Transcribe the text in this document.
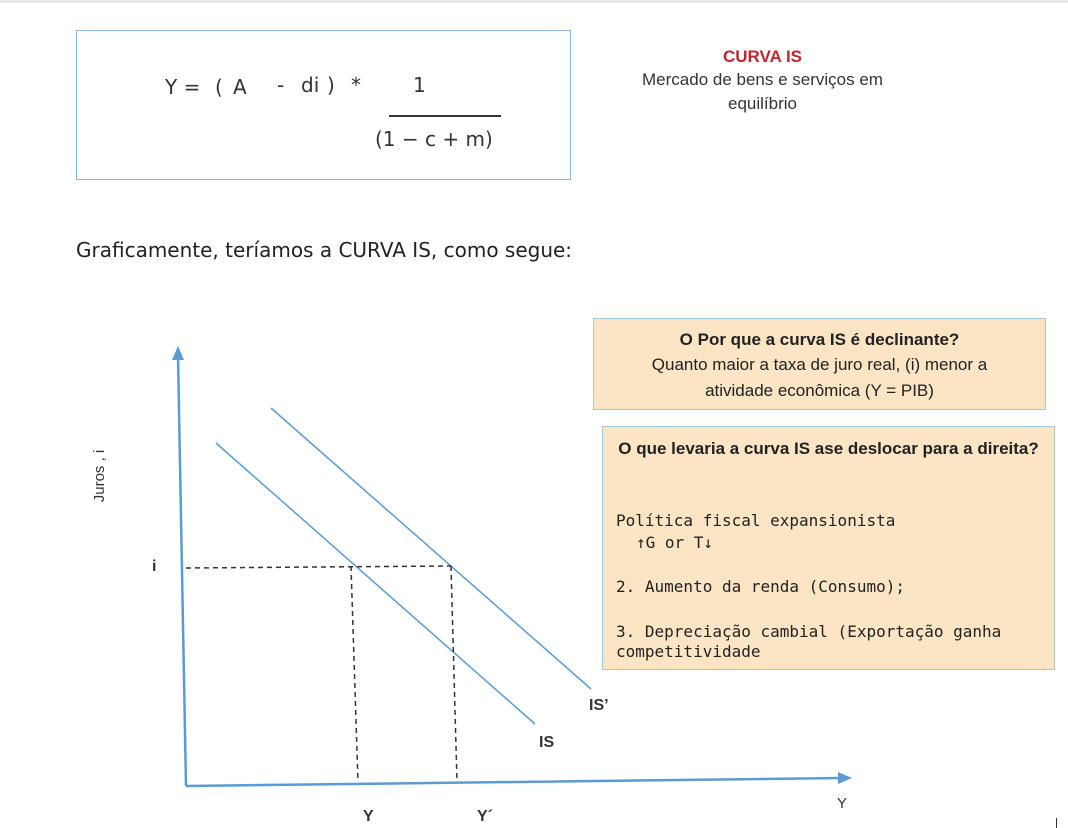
Y = ( A - di ) *	1
(1 − c + m)
CURVA IS
Mercado de bens e serviços em
equilíbrio
Graficamente, teríamos a CURVA IS, como segue:
Juros , i
i
Y	Y´
IS
IS’
Y
O Por que a curva IS é declinante?
Quanto maior a taxa de juro real, (i) menor a
atividade econômica (Y = PIB)
O que levaria a curva IS ase deslocar para a direita?
Política fiscal expansionista
↑G or T↓
2. Aumento da renda (Consumo);
3. Depreciação cambial (Exportação ganha
competitividade
